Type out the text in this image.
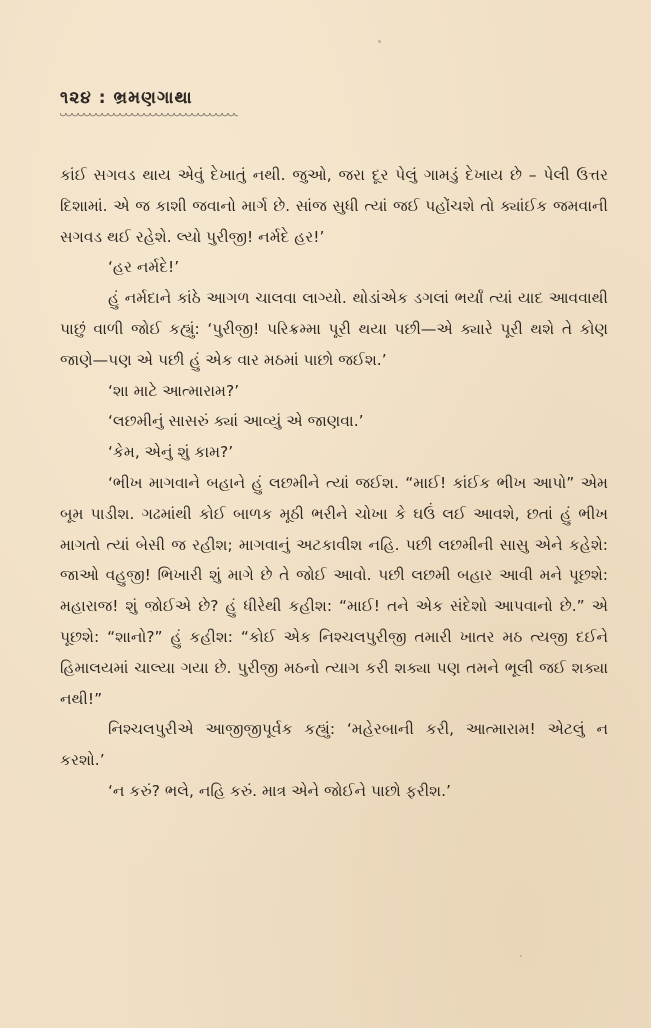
૧૨૪ : ભ્રમણગાથા

કાંઈ સગવડ થાય એવું દેખાતું નથી. જુઓ, જરા દૂર પેલું ગામડું દેખાય છે – પેલી ઉત્તર દિશામાં. એ જ કાશી જવાનો માર્ગ છે. સાંજ સુધી ત્યાં જઈ પહોંચશે તો ક્યાંઈક જમવાની સગવડ થઈ રહેશે. લ્યો પુરીજી! નર્મદે હર!’

‘હર નર્મદે!’

હું નર્મદાને કાંઠે આગળ ચાલવા લાગ્યો. થોડાંએક ડગલાં ભર્યાં ત્યાં યાદ આવવાથી પાછું વાળી જોઈ કહ્યું: ‘પુરીજી! પરિક્રમ્મા પૂરી થયા પછી—એ ક્યારે પૂરી થશે તે કોણ જાણે—પણ એ પછી હું એક વાર મઠમાં પાછો જઈશ.’

‘શા માટે આત્મારામ?’

‘લછમીનું સાસરું ક્યાં આવ્યું એ જાણવા.’

‘કેમ, એનું શું કામ?’

‘ભીખ માગવાને બહાને હું લછમીને ત્યાં જઈશ. “માઈ! કાંઈક ભીખ આપો” એમ બૂમ પાડીશ. ગઢમાંથી કોઈ બાળક મૂઠી ભરીને ચોખા કે ઘઉં લઈ આવશે, છતાં હું ભીખ માગતો ત્યાં બેસી જ રહીશ; માગવાનું અટકાવીશ નહિ. પછી લછમીની સાસુ એને કહેશે: જાઓ વહુજી! ભિખારી શું માગે છે તે જોઈ આવો. પછી લછમી બહાર આવી મને પૂછશે: મહારાજ! શું જોઈએ છે? હું ધીરેથી કહીશ: “માઈ! તને એક સંદેશો આપવાનો છે.” એ પૂછશે: “શાનો?” હું કહીશ: “કોઈ એક નિશ્ચલપુરીજી તમારી ખાતર મઠ ત્યજી દઈને હિમાલયમાં ચાલ્યા ગયા છે. પુરીજી મઠનો ત્યાગ કરી શક્યા પણ તમને ભૂલી જઈ શક્યા નથી!”

નિશ્ચલપુરીએ આજીજીપૂર્વક કહ્યું: ‘મહેરબાની કરી, આત્મારામ! એટલું ન કરશો.’

‘ન કરું? ભલે, નહિ કરું. માત્ર એને જોઈને પાછો ફરીશ.’
